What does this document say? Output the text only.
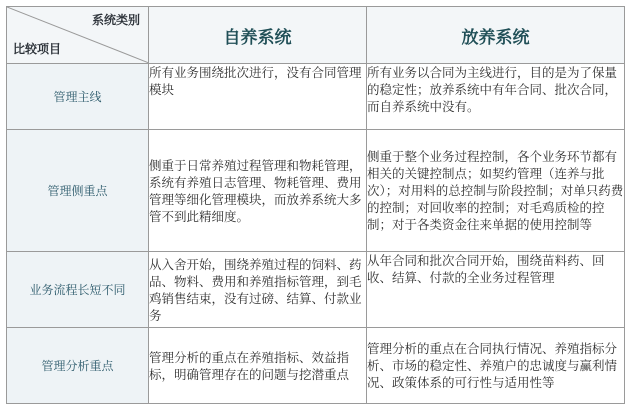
系统类别
比较项目	自养系统	放养系统
管理主线	所有业务围绕批次进行，没有合同管理模块	所有业务以合同为主线进行，目的是为了保量的稳定性；放养系统中有年合同、批次合同，而自养系统中没有。
管理侧重点	侧重于日常养殖过程管理和物耗管理，系统有养殖日志管理、物耗管理、费用管理等细化管理模块，而放养系统大多管不到此精细度。	侧重于整个业务过程控制，各个业务环节都有相关的关键控制点；如契约管理（连养与批次）；对用料的总控制与阶段控制；对单只药费的控制；对回收率的控制；对毛鸡质检的控制；对于各类资金往来单据的使用控制等
业务流程长短不同	从入舍开始，围绕养殖过程的饲料、药品、物料、费用和养殖指标管理，到毛鸡销售结束，没有过磅、结算、付款业务	从年合同和批次合同开始，围绕苗料药、回收、结算、付款的全业务过程管理
管理分析重点	管理分析的重点在养殖指标、效益指标，明确管理存在的问题与挖潜重点	管理分析的重点在合同执行情况、养殖指标分析、市场的稳定性、养殖户的忠诚度与赢利情况、政策体系的可行性与适用性等
